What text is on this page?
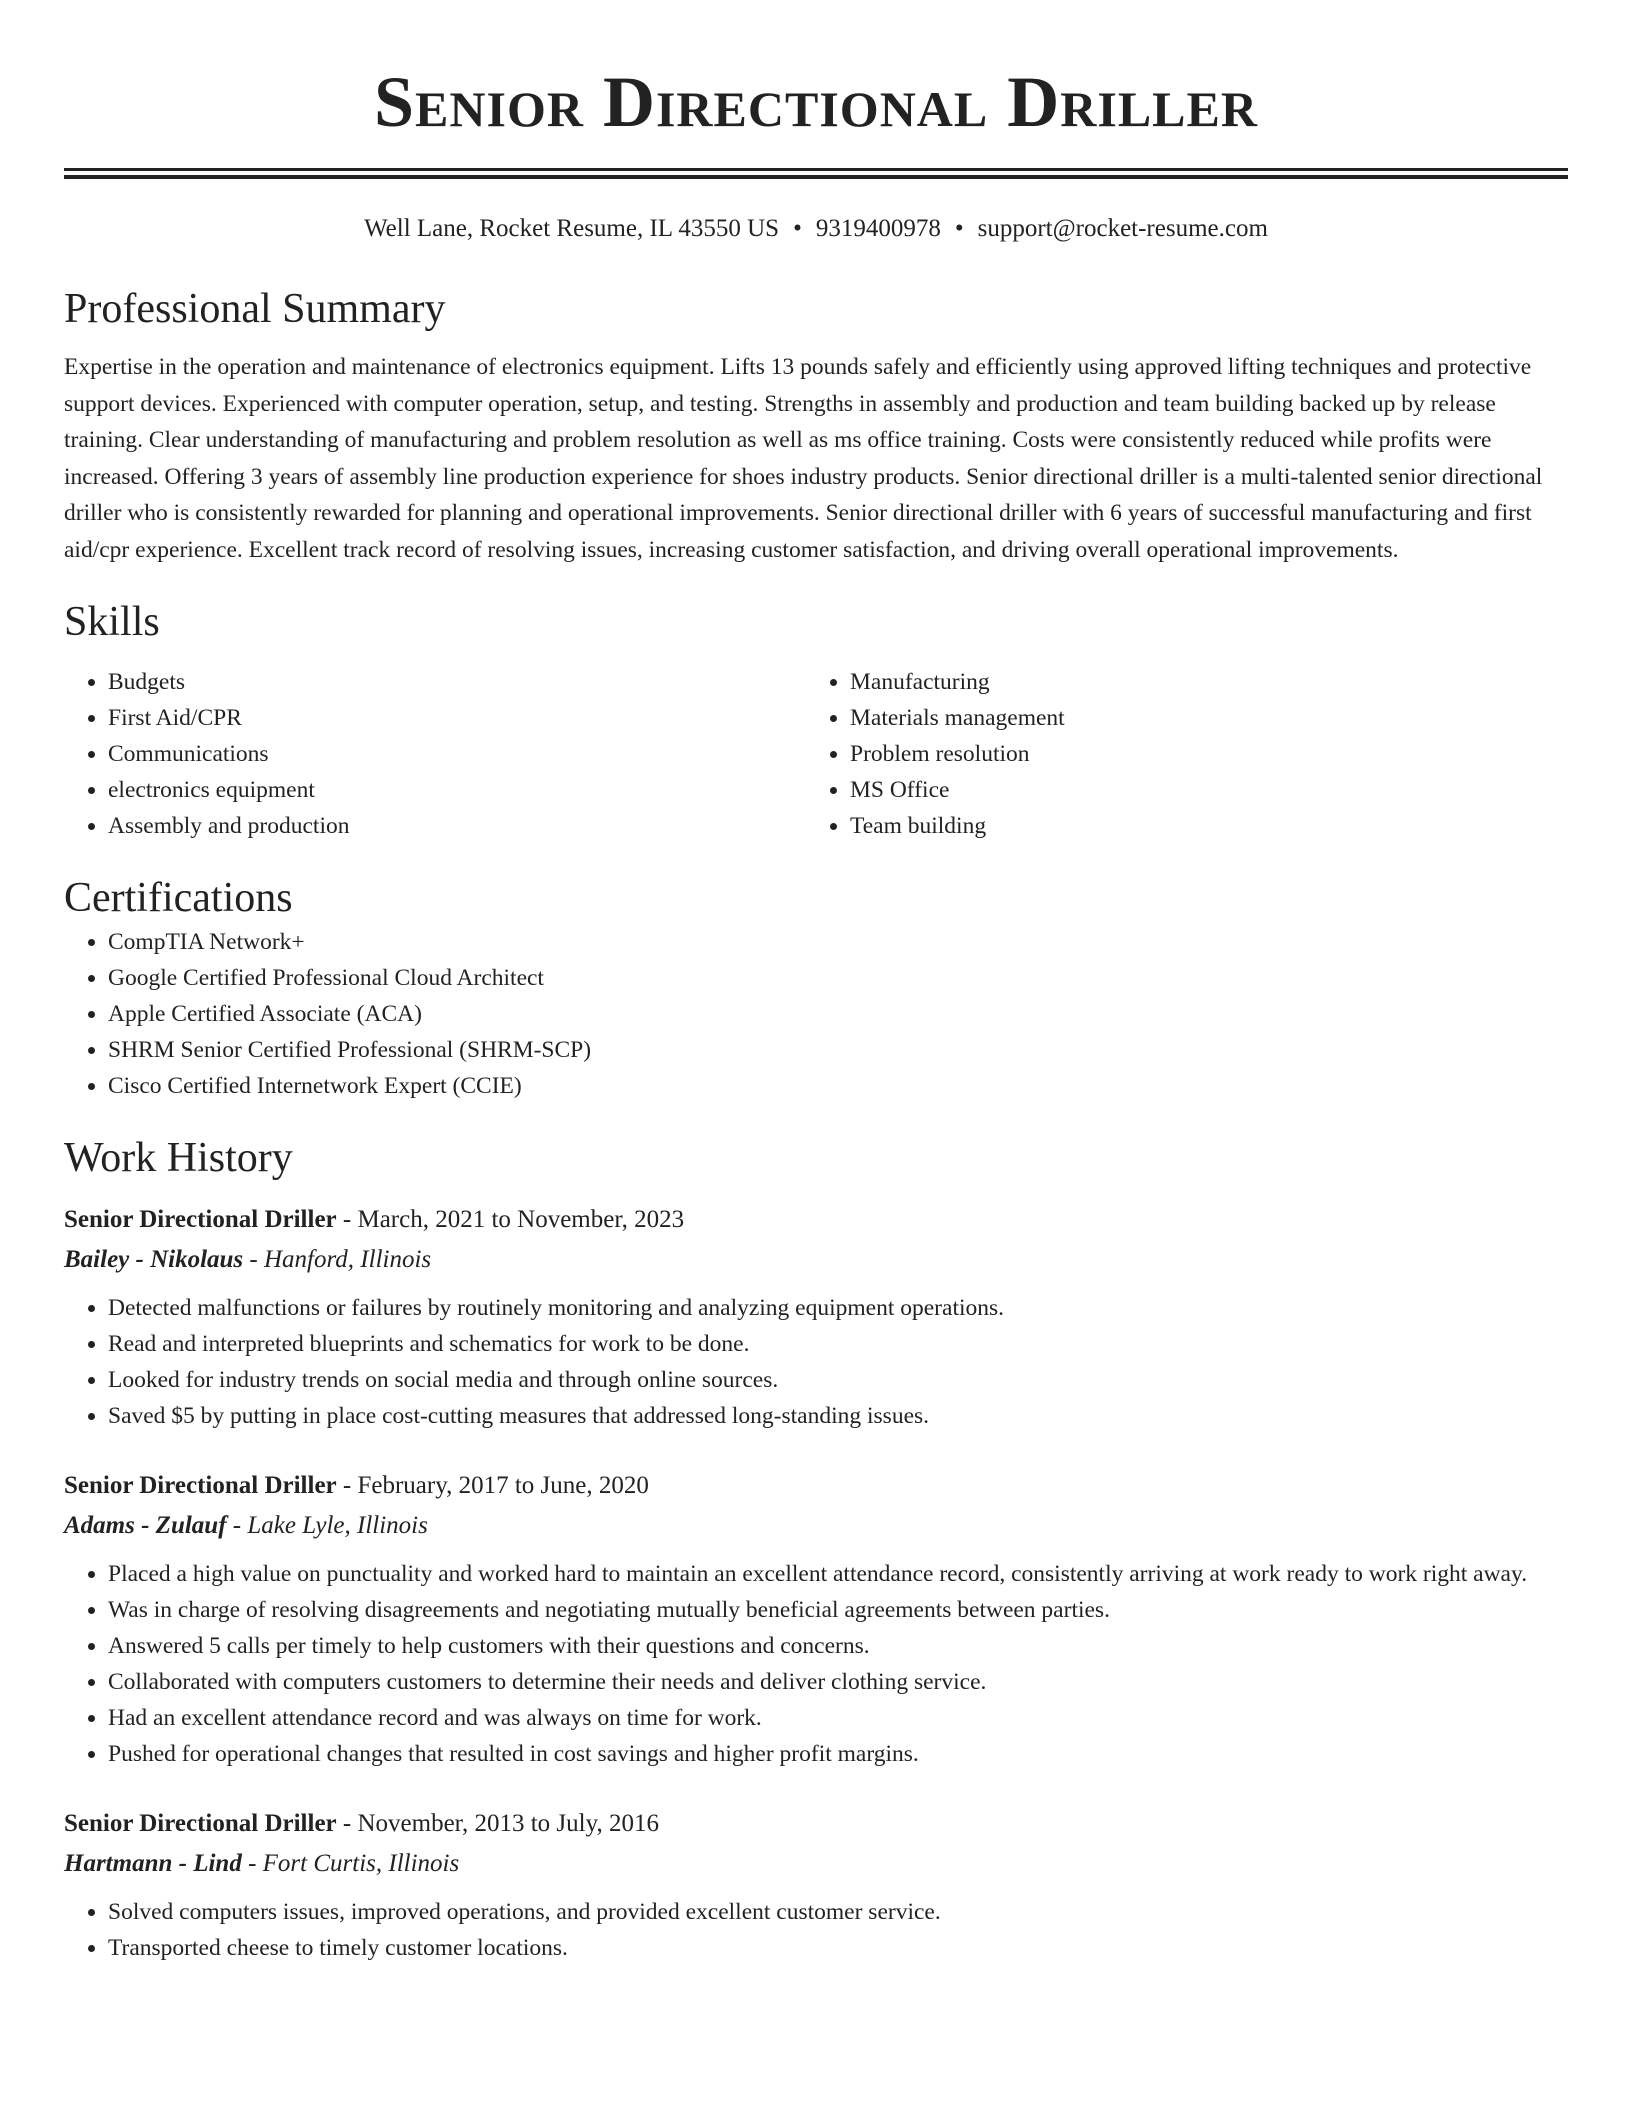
Senior Directional Driller
Well Lane, Rocket Resume, IL 43550 US • 9319400978 • support@rocket-resume.com
Professional Summary
Expertise in the operation and maintenance of electronics equipment. Lifts 13 pounds safely and efficiently using approved lifting techniques and protective support devices. Experienced with computer operation, setup, and testing. Strengths in assembly and production and team building backed up by release training. Clear understanding of manufacturing and problem resolution as well as ms office training. Costs were consistently reduced while profits were increased. Offering 3 years of assembly line production experience for shoes industry products. Senior directional driller is a multi-talented senior directional driller who is consistently rewarded for planning and operational improvements. Senior directional driller with 6 years of successful manufacturing and first aid/cpr experience. Excellent track record of resolving issues, increasing customer satisfaction, and driving overall operational improvements.
Skills
• Budgets
• First Aid/CPR
• Communications
• electronics equipment
• Assembly and production
• Manufacturing
• Materials management
• Problem resolution
• MS Office
• Team building
Certifications
• CompTIA Network+
• Google Certified Professional Cloud Architect
• Apple Certified Associate (ACA)
• SHRM Senior Certified Professional (SHRM-SCP)
• Cisco Certified Internetwork Expert (CCIE)
Work History
Senior Directional Driller - March, 2021 to November, 2023
Bailey - Nikolaus - Hanford, Illinois
• Detected malfunctions or failures by routinely monitoring and analyzing equipment operations.
• Read and interpreted blueprints and schematics for work to be done.
• Looked for industry trends on social media and through online sources.
• Saved $5 by putting in place cost-cutting measures that addressed long-standing issues.
Senior Directional Driller - February, 2017 to June, 2020
Adams - Zulauf - Lake Lyle, Illinois
• Placed a high value on punctuality and worked hard to maintain an excellent attendance record, consistently arriving at work ready to work right away.
• Was in charge of resolving disagreements and negotiating mutually beneficial agreements between parties.
• Answered 5 calls per timely to help customers with their questions and concerns.
• Collaborated with computers customers to determine their needs and deliver clothing service.
• Had an excellent attendance record and was always on time for work.
• Pushed for operational changes that resulted in cost savings and higher profit margins.
Senior Directional Driller - November, 2013 to July, 2016
Hartmann - Lind - Fort Curtis, Illinois
• Solved computers issues, improved operations, and provided excellent customer service.
• Transported cheese to timely customer locations.
